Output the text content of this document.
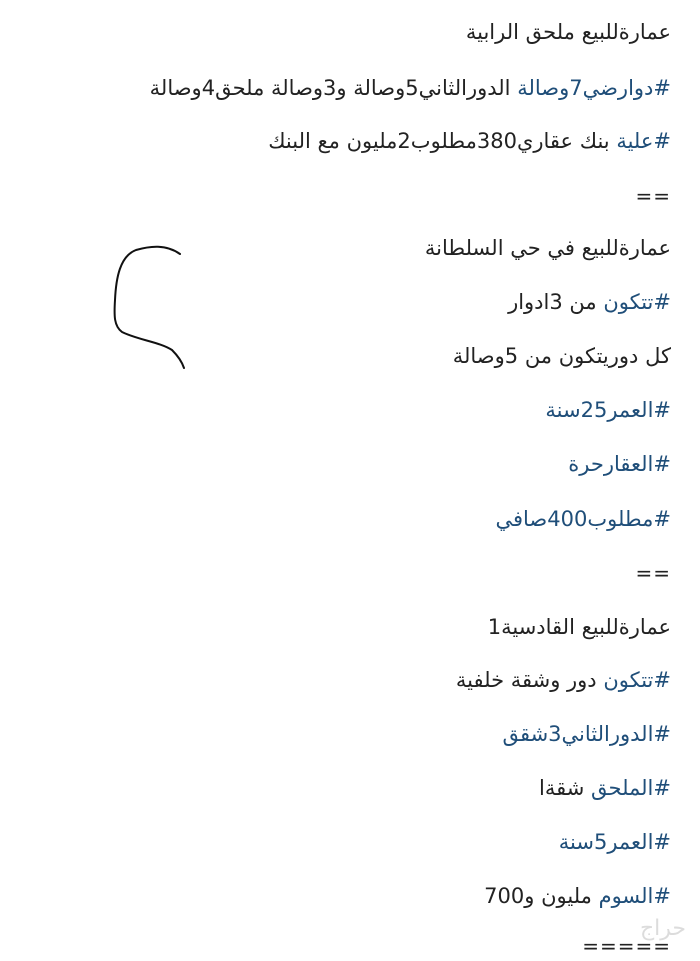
عمارةللبيع ملحق الرابية
#دوارضي7وصالة الدورالثاني5وصالة و3وصالة ملحق4وصالة
#علية بنك عقاري380مطلوب2مليون مع البنك
==
عمارةللبيع في حي السلطانة
#تتكون من 3ادوار
كل دوريتكون من 5وصالة
#العمر25سنة
#العقارحرة
#مطلوب400صافي
==
عمارةللبيع القادسية1
#تتكون دور وشقة خلفية
#الدورالثاني3شقق
#الملحق شقةا
#العمر5سنة
#السوم مليون و700
=====
حراج
